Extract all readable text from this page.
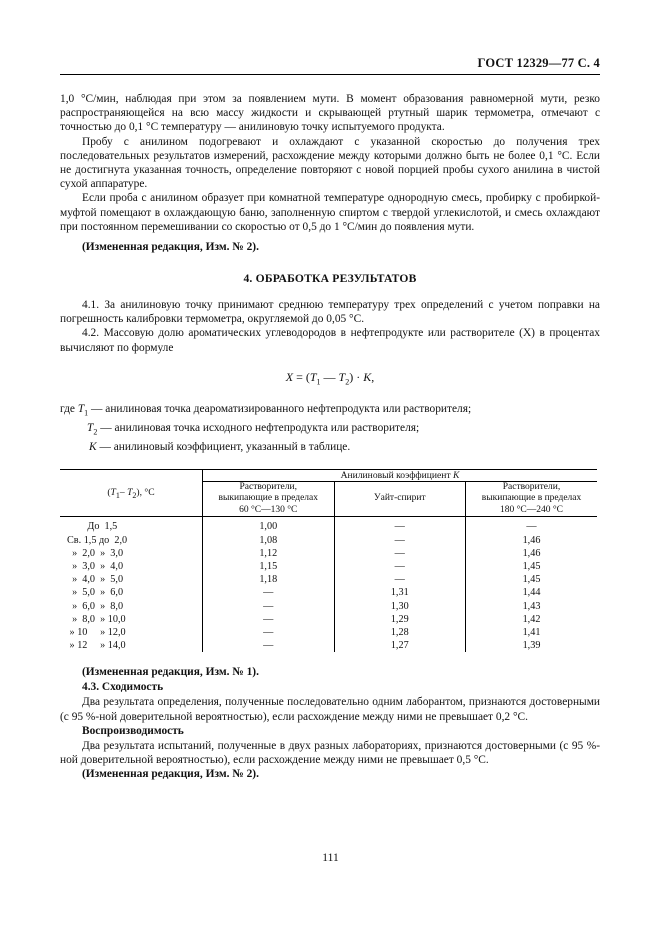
ГОСТ 12329—77 С. 4

1,0 °С/мин, наблюдая при этом за появлением мути. В момент образования равномерной мути, резко распространяющейся на всю массу жидкости и скрывающей ртутный шарик термометра, отмечают с точностью до 0,1 °С температуру — анилиновую точку испытуемого продукта.

Пробу с анилином подогревают и охлаждают с указанной скоростью до получения трех последовательных результатов измерений, расхождение между которыми должно быть не более 0,1 °С. Если не достигнута указанная точность, определение повторяют с новой порцией пробы сухого анилина в чистой сухой аппаратуре.

Если проба с анилином образует при комнатной температуре однородную смесь, пробирку с пробиркой-муфтой помещают в охлаждающую баню, заполненную спиртом с твердой углекислотой, и смесь охлаждают при постоянном перемешивании со скоростью от 0,5 до 1 °С/мин до появления мути.

(Измененная редакция, Изм. № 2).
4. ОБРАБОТКА РЕЗУЛЬТАТОВ

4.1. За анилиновую точку принимают среднюю температуру трех определений с учетом поправки на погрешность калибровки термометра, округляемой до 0,05 °С.

4.2. Массовую долю ароматических углеводородов в нефтепродукте или растворителе (X) в процентах вычисляют по формуле

$X = (T_1$ — $T_2) \cdot K$,
где $T_1$ — анилиновая точка деароматизированного нефтепродукта или растворителя;
$T_2$ — анилиновая точка исходного нефтепродукта или растворителя;
K — анилиновый коэффициент, указанный в таблице.
($T_1-$ $T_2$), °С	Анилиновый коэффициент K		
	Растворители,
выкипающие в пределах
60 °С—130 °С	Уайт-спирит	Растворители,
выкипающие в пределах
180 °С—240 °С

До  1,5	1,00	—	—

Св. 1,5 до  2,0	1,08	—	1,46

»  2,0  »  3,0	1,12	—	1,46

»  3,0  »  4,0	1,15	—	1,45

»  4,0  »  5,0	1,18	—	1,45

»  5,0  »  6,0	—	1,31	1,44

»  6,0  »  8,0	—	1,30	1,43

»  8,0  » 10,0	—	1,29	1,42

» 10     » 12,0	—	1,28	1,41

» 12     » 14,0	—	1,27	1,39
(Измененная редакция, Изм. № 1).
4.3. Сходимость

Два результата определения, полученные последовательно одним лаборантом, признаются достоверными (с 95 %-ной доверительной вероятностью), если расхождение между ними не превышает 0,2 °С.

Воспроизводимость

Два результата испытаний, полученные в двух разных лабораториях, признаются достоверными (с 95 %-ной доверительной вероятностью), если расхождение между ними не превышает 0,5 °С.

(Измененная редакция, Изм. № 2).
111
